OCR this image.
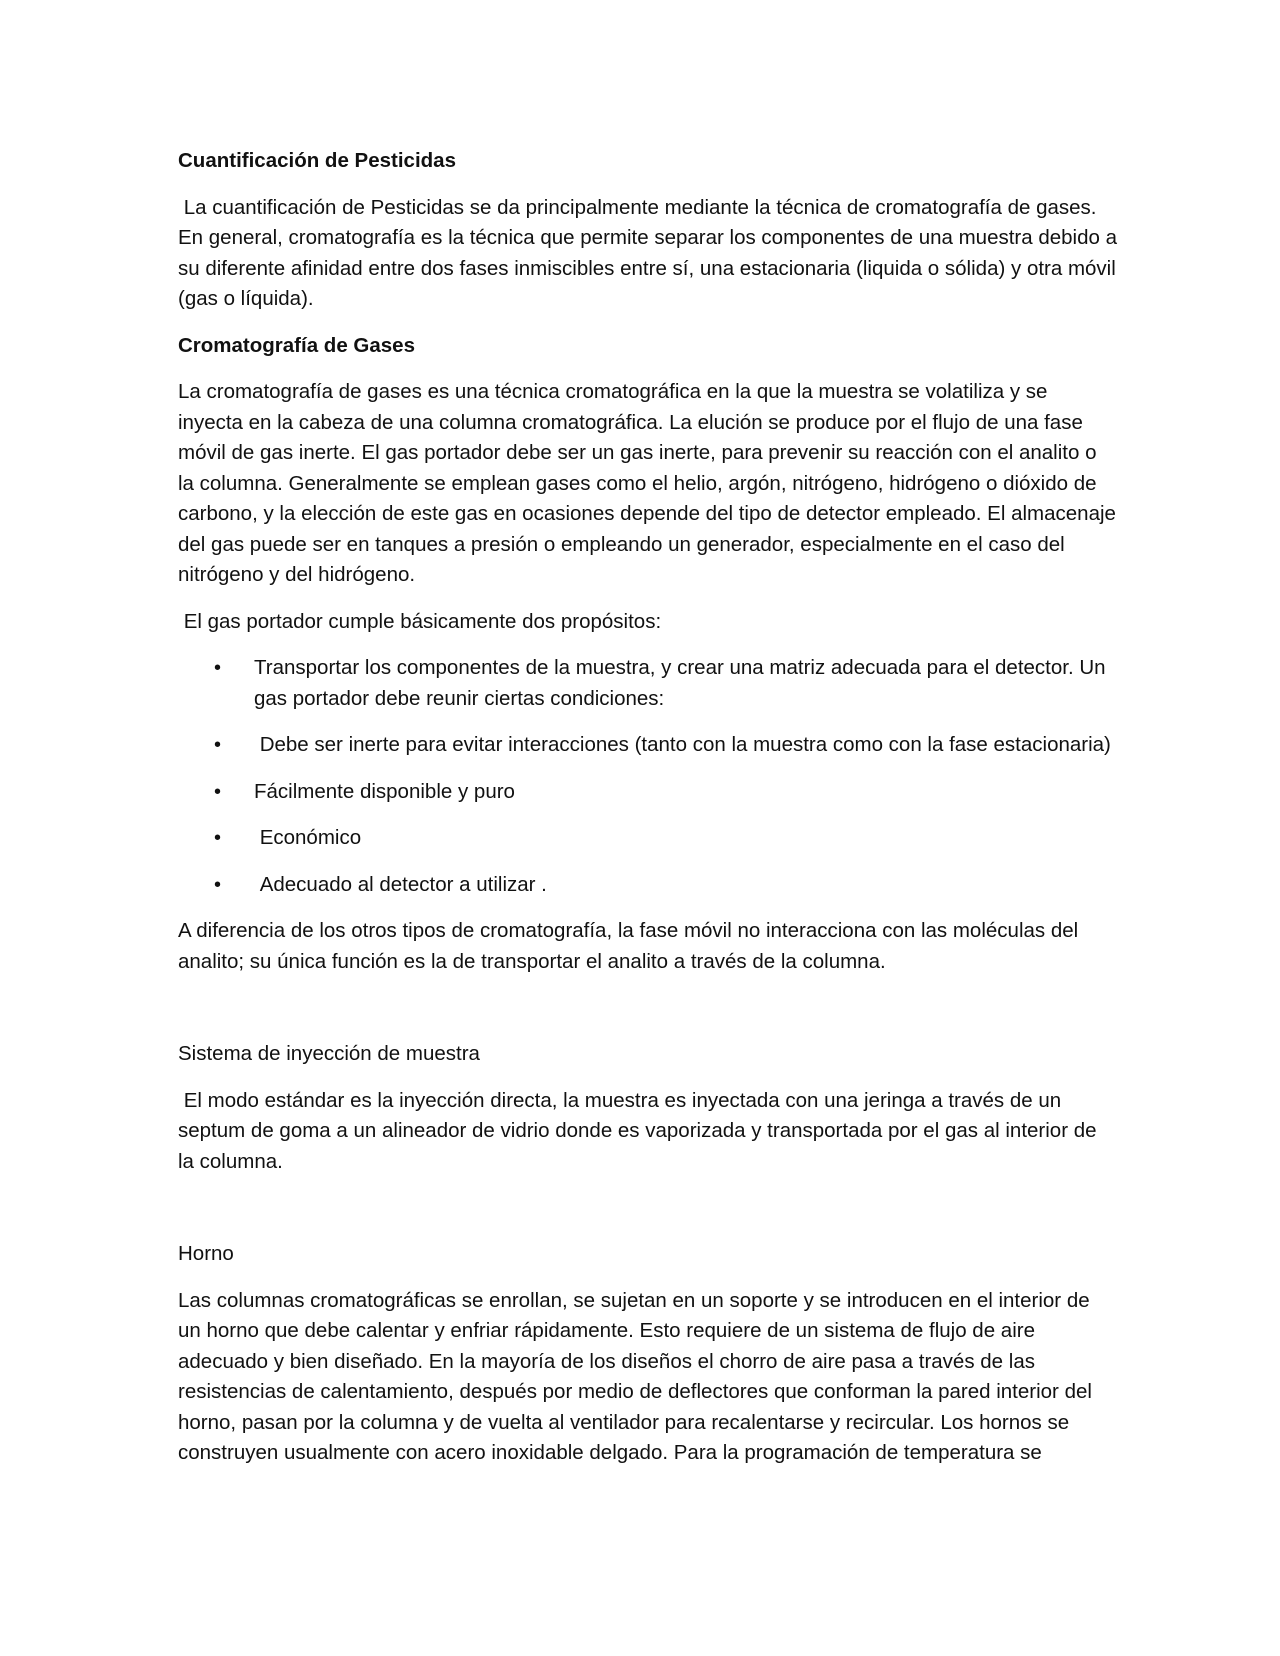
Cuantificación de Pesticidas

La cuantificación de Pesticidas se da principalmente mediante la técnica de cromatografía de gases. En general, cromatografía es la técnica que permite separar los componentes de una muestra debido a su diferente afinidad entre dos fases inmiscibles entre sí, una estacionaria (liquida o sólida) y otra móvil (gas o líquida).

Cromatografía de Gases

La cromatografía de gases es una técnica cromatográfica en la que la muestra se volatiliza y se inyecta en la cabeza de una columna cromatográfica. La elución se produce por el flujo de una fase móvil de gas inerte. El gas portador debe ser un gas inerte, para prevenir su reacción con el analito o la columna. Generalmente se emplean gases como el helio, argón, nitrógeno, hidrógeno o dióxido de carbono, y la elección de este gas en ocasiones depende del tipo de detector empleado. El almacenaje del gas puede ser en tanques a presión o empleando un generador, especialmente en el caso del nitrógeno y del hidrógeno.

El gas portador cumple básicamente dos propósitos:

• Transportar los componentes de la muestra, y crear una matriz adecuada para el detector. Un gas portador debe reunir ciertas condiciones:
• Debe ser inerte para evitar interacciones (tanto con la muestra como con la fase estacionaria)
• Fácilmente disponible y puro
• Económico
• Adecuado al detector a utilizar .

A diferencia de los otros tipos de cromatografía, la fase móvil no interacciona con las moléculas del analito; su única función es la de transportar el analito a través de la columna.

Sistema de inyección de muestra

El modo estándar es la inyección directa, la muestra es inyectada con una jeringa a través de un septum de goma a un alineador de vidrio donde es vaporizada y transportada por el gas al interior de la columna.

Horno

Las columnas cromatográficas se enrollan, se sujetan en un soporte y se introducen en el interior de un horno que debe calentar y enfriar rápidamente. Esto requiere de un sistema de flujo de aire adecuado y bien diseñado. En la mayoría de los diseños el chorro de aire pasa a través de las resistencias de calentamiento, después por medio de deflectores que conforman la pared interior del horno, pasan por la columna y de vuelta al ventilador para recalentarse y recircular. Los hornos se construyen usualmente con acero inoxidable delgado. Para la programación de temperatura se
